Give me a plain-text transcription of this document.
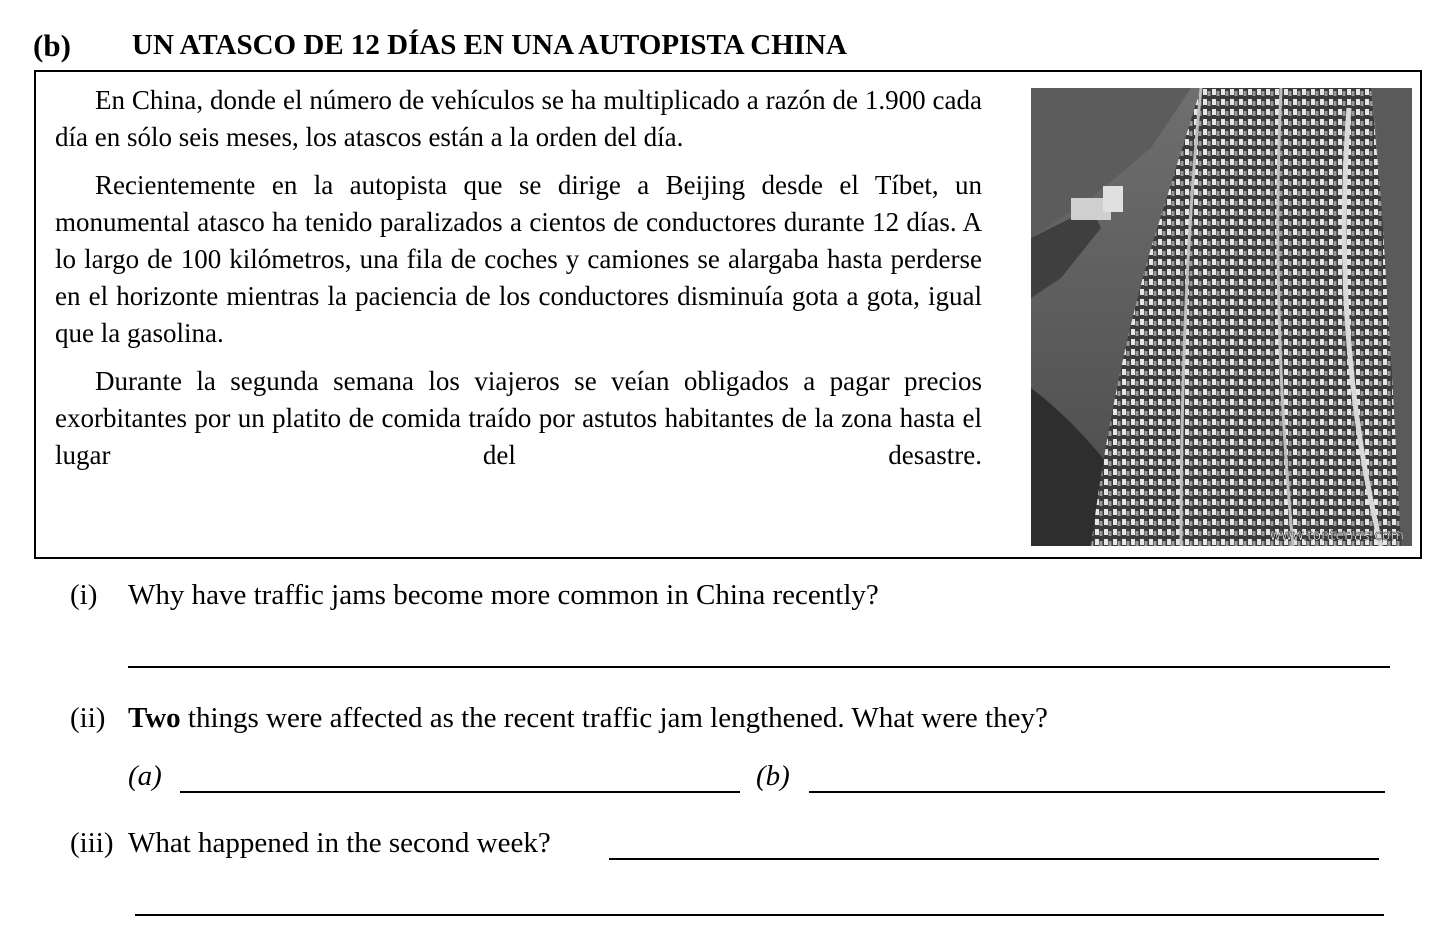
(b) UN ATASCO DE 12 DÍAS EN UNA AUTOPISTA CHINA

En China, donde el número de vehículos se ha multiplicado a razón de 1.900 cada día en sólo seis meses, los atascos están a la orden del día.

Recientemente en la autopista que se dirige a Beijing desde el Tíbet, un monumental atasco ha tenido paralizados a cientos de conductores durante 12 días. A lo largo de 100 kilómetros, una fila de coches y camiones se alargaba hasta perderse en el horizonte mientras la paciencia de los conductores disminuía gota a gota, igual que la gasolina.

Durante la segunda semana los viajeros se veían obligados a pagar precios exorbitantes por un platito de comida traído por astutos habitantes de la zona hasta el lugar del desastre.

www.tonterias.com
(i) Why have traffic jams become more common in China recently?
(ii) Two things were affected as the recent traffic jam lengthened. What were they?
(a)	(b)
(iii) What happened in the second week?
